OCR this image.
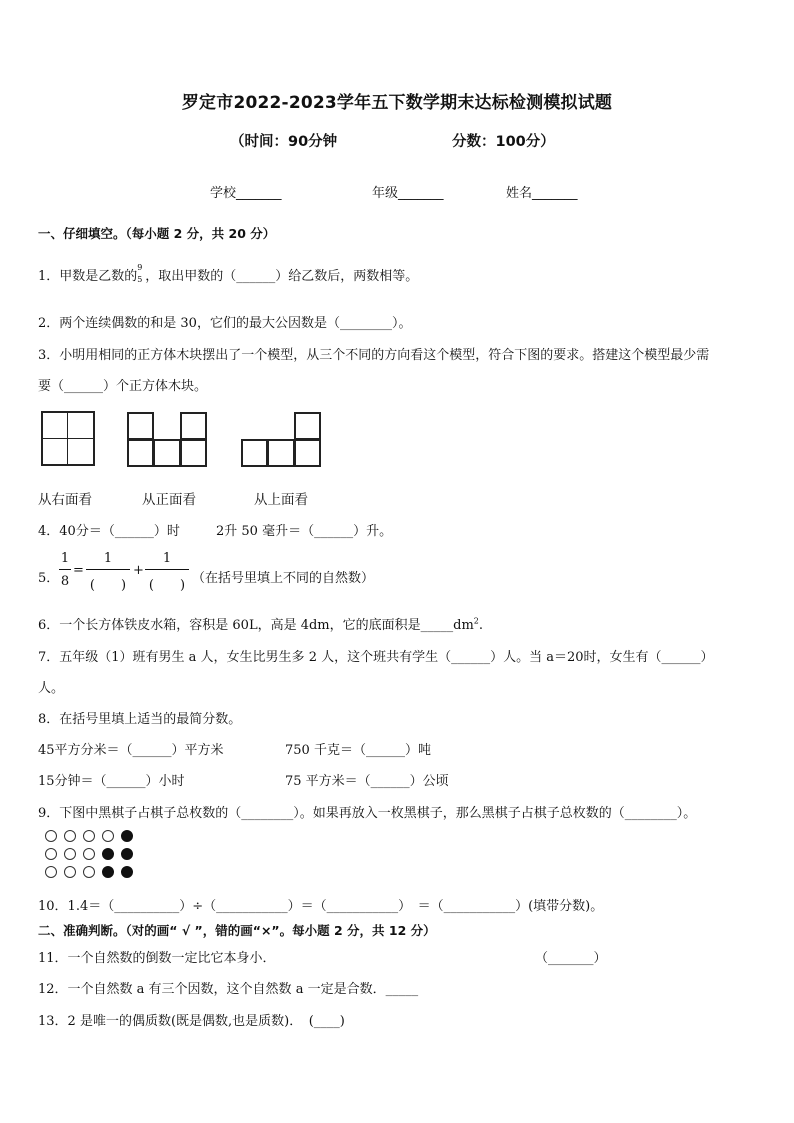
罗定市2022-2023学年五下数学期末达标检测模拟试题
（时间：90分钟	分数：100分）
学校_______	年级_______	姓名_______
一、仔细填空。（每小题 2 分，共 20 分）
1．甲数是乙数的
9
5 ，取出甲数的（______）给乙数后，两数相等。
2．两个连续偶数的和是 30，它们的最大公因数是（________）。
3．小明用相同的正方体木块摆出了一个模型，从三个不同的方向看这个模型，符合下图的要求。搭建这个模型最少需
要（______）个正方体木块。
从右面看	从正面看	从上面看
4．40分＝（______）时	2升 50 毫升＝（______）升。
5．
1
8
=
1
(　　)
+
1
(　　) （在括号里填上不同的自然数）
6．一个长方体铁皮水箱，容积是 60L，高是 4dm，它的底面积是$\_\_\_\_\_dm^2$.
7．五年级（1）班有男生 a 人，女生比男生多 2 人，这个班共有学生（______）人。当 a＝20时，女生有（______）
人。
8．在括号里填上适当的最简分数。
45平方分米＝（______）平方米	750 千克＝（______）吨
15分钟＝（______）小时	75 平方米＝（______）公顷
9．下图中黑棋子占棋子总枚数的（________）。如果再放入一枚黑棋子，那么黑棋子占棋子总枚数的（________）。
10．1.4＝（__________）÷（___________）＝（___________）　＝（___________）(填带分数)。
二、准确判断。（对的画“ √ ”，错的画“×”。每小题 2 分，共 12 分）
11．一个自然数的倒数一定比它本身小．	（_______）
12．一个自然数 a 有三个因数，这个自然数 a 一定是合数．_____
13．2 是唯一的偶质数(既是偶数,也是质数)．　(____)
